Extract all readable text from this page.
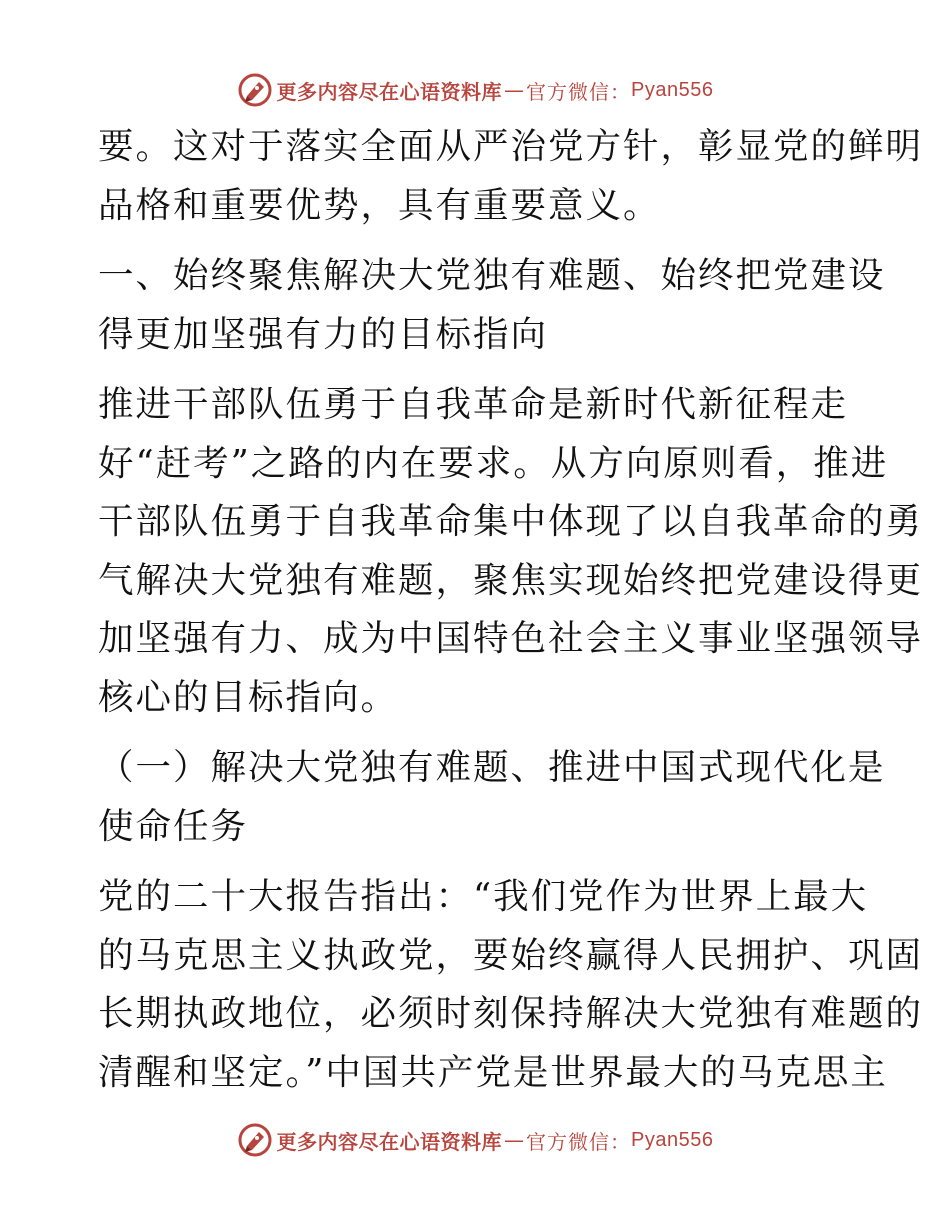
更多内容尽在心语资料库 — 官方微信： Pyan556
要。这对于落实全面从严治党方针，彰显党的鲜明
品格和重要优势，具有重要意义。
一、始终聚焦解决大党独有难题、始终把党建设
得更加坚强有力的目标指向
推进干部队伍勇于自我革命是新时代新征程走
好“赶考”之路的内在要求。从方向原则看，推进
干部队伍勇于自我革命集中体现了以自我革命的勇
气解决大党独有难题，聚焦实现始终把党建设得更
加坚强有力、成为中国特色社会主义事业坚强领导
核心的目标指向。
（一）解决大党独有难题、推进中国式现代化是
使命任务
党的二十大报告指出：“我们党作为世界上最大
的马克思主义执政党，要始终赢得人民拥护、巩固
长期执政地位，必须时刻保持解决大党独有难题的
清醒和坚定。”中国共产党是世界最大的马克思主
更多内容尽在心语资料库 — 官方微信： Pyan556
